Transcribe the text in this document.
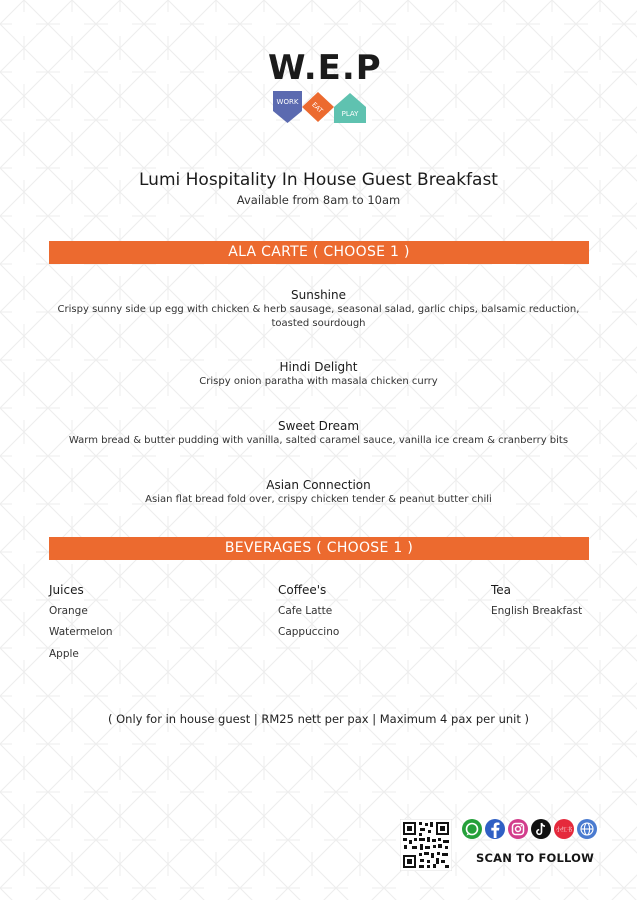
W.E.P
WORK EAT PLAY
Lumi Hospitality In House Guest Breakfast
Available from 8am to 10am
ALA CARTE ( CHOOSE 1 )
Sunshine
Crispy sunny side up egg with chicken & herb sausage, seasonal salad, garlic chips, balsamic reduction,
toasted sourdough
Hindi Delight
Crispy onion paratha with masala chicken curry
Sweet Dream
Warm bread & butter pudding with vanilla, salted caramel sauce, vanilla ice cream & cranberry bits
Asian Connection
Asian flat bread fold over, crispy chicken tender & peanut butter chili
BEVERAGES ( CHOOSE 1 )
Juices
Orange
Watermelon
Apple
Coffee's
Cafe Latte
Cappuccino
Tea
English Breakfast
( Only for in house guest | RM25 nett per pax | Maximum 4 pax per unit )
小红书
SCAN TO FOLLOW
